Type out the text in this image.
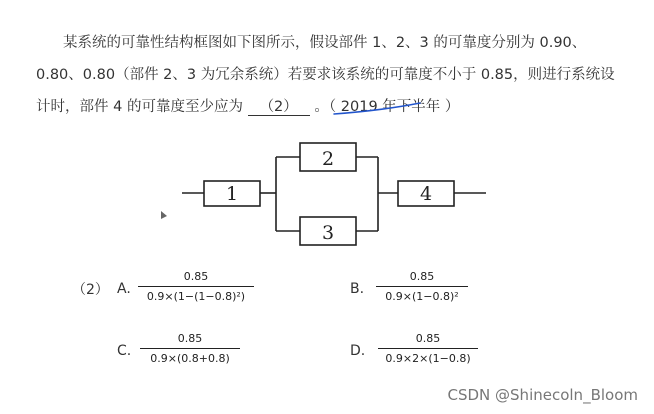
某系统的可靠性结构框图如下图所示，假设部件 1、2、3 的可靠度分别为 0.90、
0.80、0.80（部件 2、3 为冗余系统）若要求该系统的可靠度不小于 0.85，则进行系统设
计时，部件 4 的可靠度至少应为 （2） 。（ 2019 年下半年 ）
1
2
3
4
（2） A.
0.85
0.9×(1−(1−0.8)²)	B.
0.85
0.9×(1−0.8)²
C.
0.85
0.9×(0.8+0.8)	D.
0.85
0.9×2×(1−0.8)
CSDN @Shinecoln_Bloom
